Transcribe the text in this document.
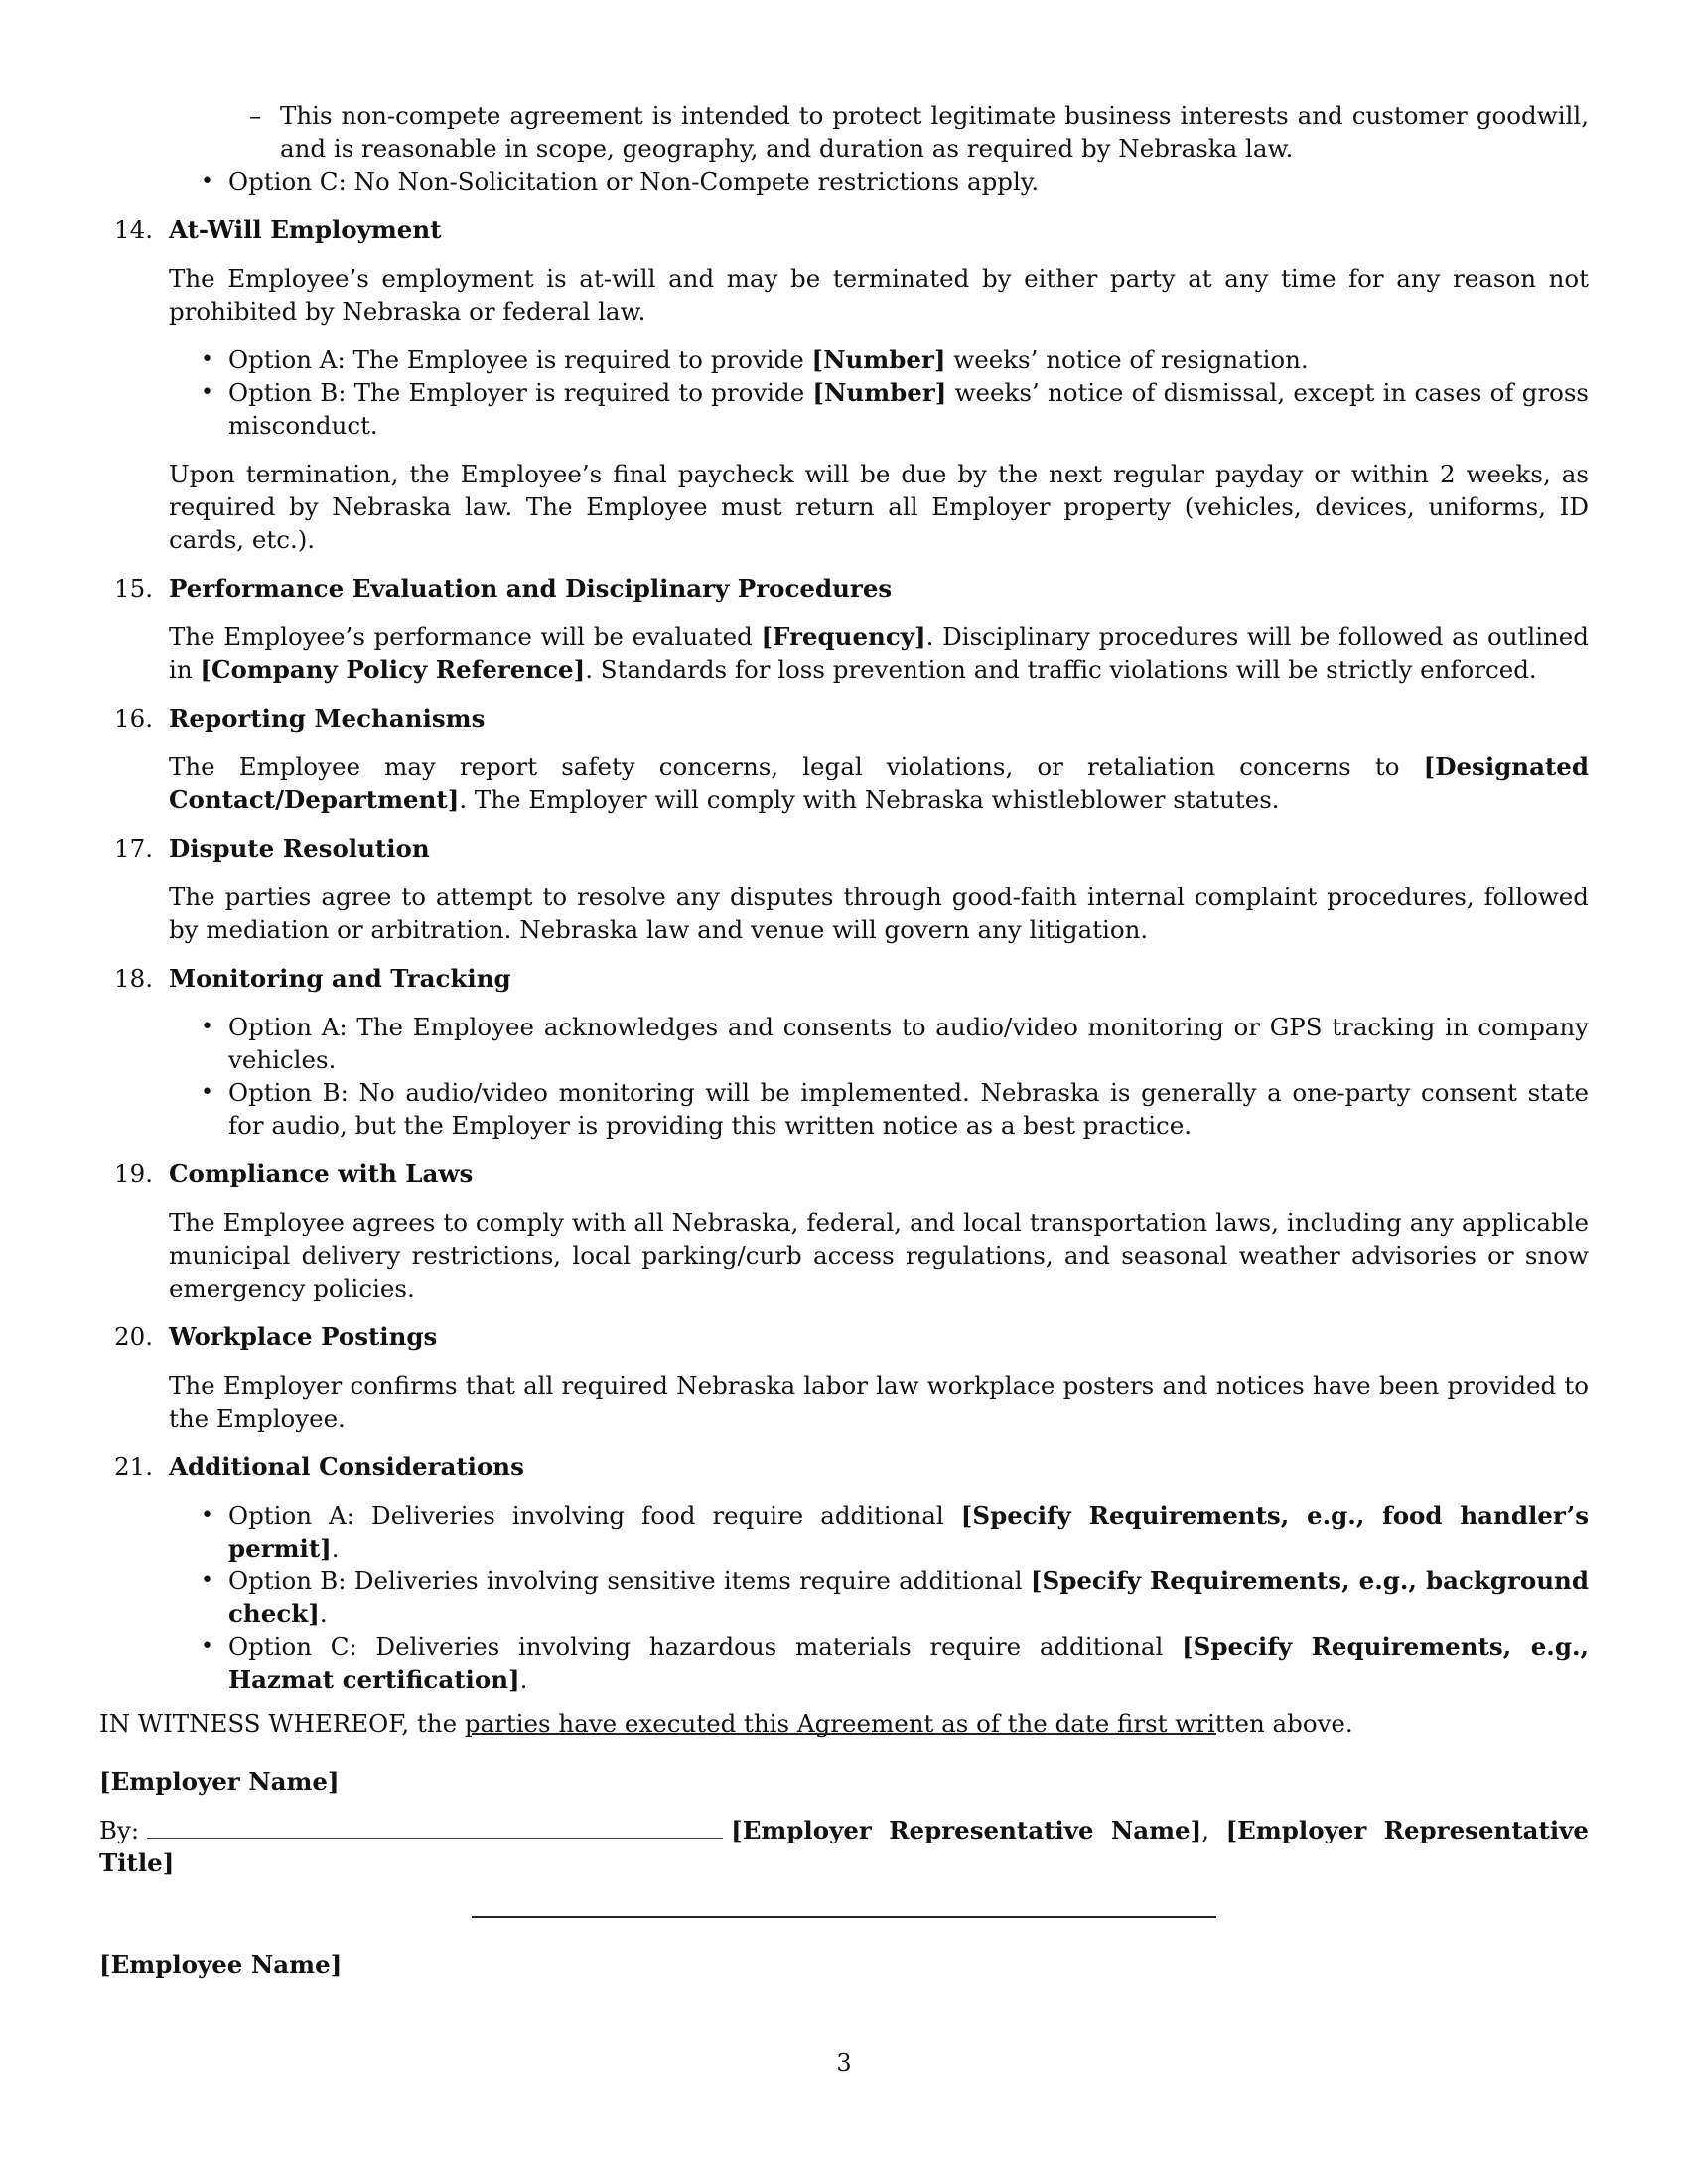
– This non-compete agreement is intended to protect legitimate business interests and customer goodwill, and is reasonable in scope, geography, and duration as required by Nebraska law.

• Option C: No Non-Solicitation or Non-Compete restrictions apply.

14. At-Will Employment

The Employee’s employment is at-will and may be terminated by either party at any time for any reason not prohibited by Nebraska or federal law.

• Option A: The Employee is required to provide [Number] weeks’ notice of resignation.

• Option B: The Employer is required to provide [Number] weeks’ notice of dismissal, except in cases of gross misconduct.

Upon termination, the Employee’s final paycheck will be due by the next regular payday or within 2 weeks, as required by Nebraska law. The Employee must return all Employer property (vehicles, devices, uniforms, ID cards, etc.).

15. Performance Evaluation and Disciplinary Procedures

The Employee’s performance will be evaluated [Frequency]. Disciplinary procedures will be followed as outlined in [Company Policy Reference]. Standards for loss prevention and traffic violations will be strictly enforced.

16. Reporting Mechanisms

The Employee may report safety concerns, legal violations, or retaliation concerns to [Designated Contact/Department]. The Employer will comply with Nebraska whistleblower statutes.

17. Dispute Resolution

The parties agree to attempt to resolve any disputes through good-faith internal complaint procedures, followed by mediation or arbitration. Nebraska law and venue will govern any litigation.

18. Monitoring and Tracking

• Option A: The Employee acknowledges and consents to audio/video monitoring or GPS tracking in company vehicles.

• Option B: No audio/video monitoring will be implemented. Nebraska is generally a one-party consent state for audio, but the Employer is providing this written notice as a best practice.

19. Compliance with Laws

The Employee agrees to comply with all Nebraska, federal, and local transportation laws, including any applicable municipal delivery restrictions, local parking/curb access regulations, and seasonal weather advisories or snow emergency policies.

20. Workplace Postings

The Employer confirms that all required Nebraska labor law workplace posters and notices have been provided to the Employee.

21. Additional Considerations

• Option A: Deliveries involving food require additional [Specify Requirements, e.g., food handler’s permit].

• Option B: Deliveries involving sensitive items require additional [Specify Requirements, e.g., background check].

• Option C: Deliveries involving hazardous materials require additional [Specify Requirements, e.g., Hazmat certification].

IN WITNESS WHEREOF, the parties have executed this Agreement as of the date first written above.

[Employer Name]

By:	[Employer Representative Name], [Employer Representative Title]

[Employee Name]

3
